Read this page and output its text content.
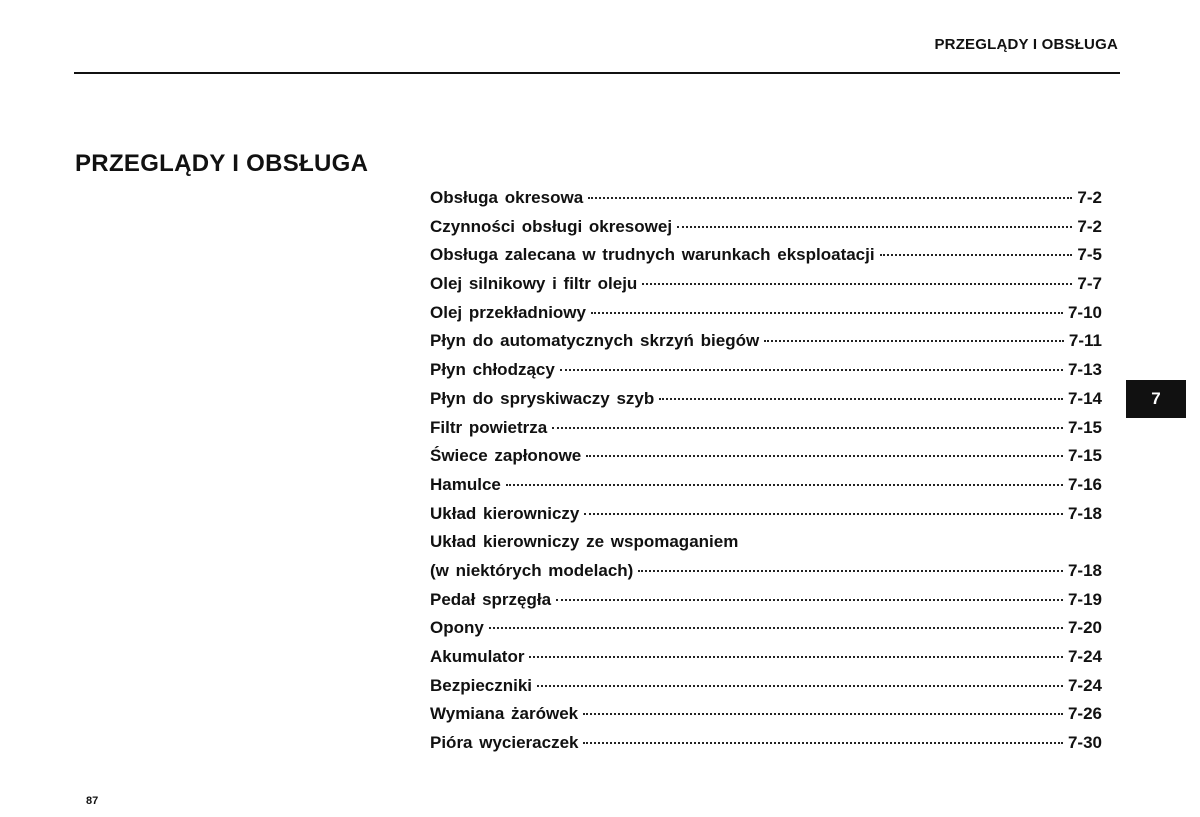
PRZEGLĄDY I OBSŁUGA
PRZEGLĄDY I OBSŁUGA
Obsługa okresowa	7-2
Czynności obsługi okresowej	7-2
Obsługa zalecana w trudnych warunkach eksploatacji	7-5
Olej silnikowy i filtr oleju	7-7
Olej przekładniowy	7-10
Płyn do automatycznych skrzyń biegów	7-11
Płyn chłodzący	7-13
Płyn do spryskiwaczy szyb	7-14
Filtr powietrza	7-15
Świece zapłonowe	7-15
Hamulce	7-16
Układ kierowniczy	7-18
Układ kierowniczy ze wspomaganiem
(w niektórych modelach)	7-18
Pedał sprzęgła	7-19
Opony	7-20
Akumulator	7-24
Bezpieczniki	7-24
Wymiana żarówek	7-26
Pióra wycieraczek	7-30
7
87
